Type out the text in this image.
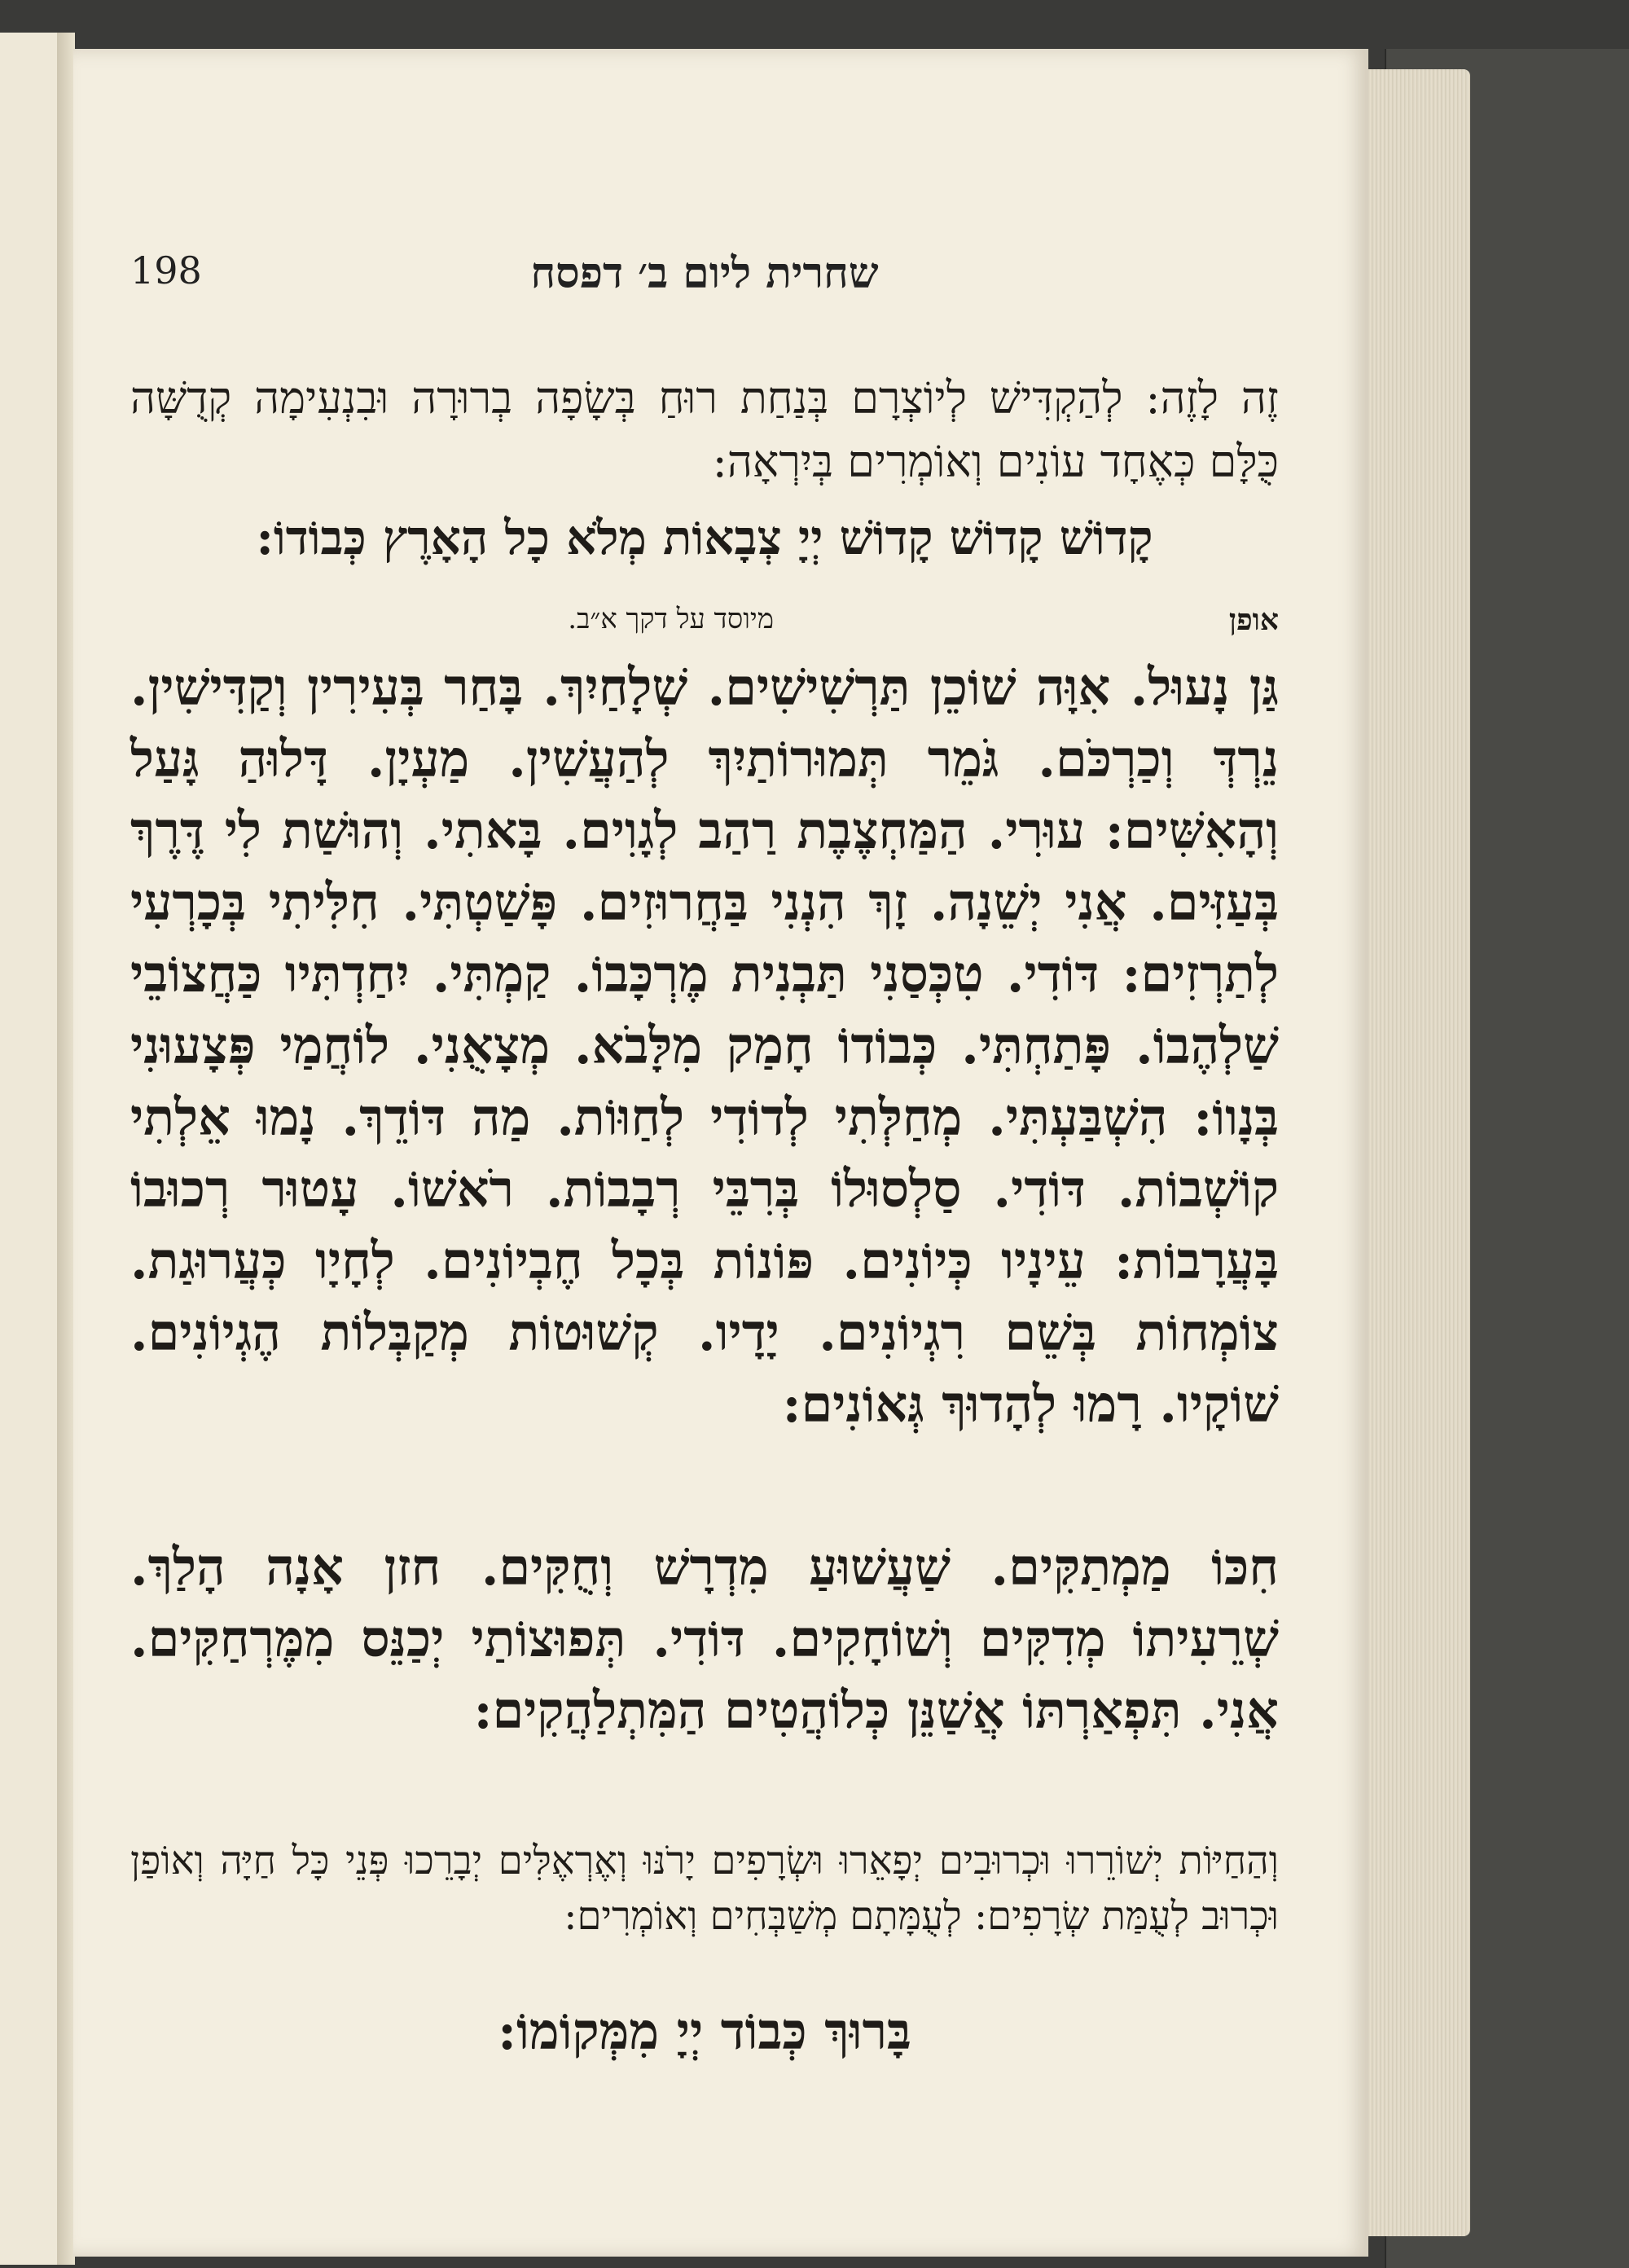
198	שחרית ליום ב׳ דפסח
זֶה לָזֶה: לְהַקְדִּישׁ לְיוֹצְרָם בְּנַחַת רוּחַ בְּשָׂפָה בְרוּרָה וּבִנְעִימָה קְדֻשָּׁה כֻּלָּם כְּאֶחָד עוֹנִים וְאוֹמְרִים בְּיִרְאָה:
קָדוֹשׁ קָדוֹשׁ קָדוֹשׁ יְיָ צְבָאוֹת מְלֹא כָל הָאָרֶץ כְּבוֹדוֹ:
אופן
מיוסד על דקך א״ב.
גַּן נָעוּל. אִוָּה שׁוֹכֵן תַּרְשִׁישִׁים. שְׁלָחַיִךְ. בָּחַר בְּעִירִין וְקַדִּישִׁין. נֵרְדְּ וְכַרְכֹּם. גֹּמֵר תְּמוּרוֹתַיִךְ לְהַעֲשִׁין. מַעְיָן. דָּלוּהַ גָּעַל וְהָאִשִּׁים: עוּרִי. הַמַּחְצֶבֶת רַהַב לְגָוִים. בָּאתִי. וְהוּשַׁת לִי דֶּרֶךְ בְּעַזִּים. אֲנִי יְשֵׁנָה. זָךְ הִנְנִי בַּחֲרוּזִים. פָּשַׁטְתִּי. חִלִּיתִי בְּכָרְעִי לְתַרְזִים: דּוֹדִי. טִכְּסַנִי תַּבְנִית מֶרְכָּבוֹ. קַמְתִּי. יִחַדְתִּיו כַּחֲצוֹבֵי שַׁלְהֶבוֹ. פָּתַחְתִּי. כְּבוֹדוֹ חָמַק מִלָּבֹא. מְצָאֻנִי. לוֹחֲמַי פְּצָעוּנִי בְּנָווֹ: הִשְׁבַּעְתִּי. מְחַלְּתִי לְדוֹדִי לְחַוּוֹת. מַה דּוֹדֵךְ. נָמוּ אֵלְתִי קוֹשְׁבוֹת. דּוֹדִי. סַלְסוּלוֹ בְּרִבֵּי רְבָבוֹת. רֹאשׁוֹ. עָטוּר רְכוּבוֹ בָּעֲרָבוֹת: עֵינָיו כְּיוֹנִים. פּוֹנוֹת בְּכָל חֶבְיוֹנִים. לְחָיָו כְּעֲרוּגַת. צוֹמְחוֹת בְּשֵׁם רִגְיוֹנִים. יָדָיו. קְשׁוּטוֹת מְקַבְּלוֹת הֶגְיוֹנִים. שׁוֹקָיו. רָמוּ לְהָדוּךְ גְּאוֹנִים:
חִכּוֹ מַמְתַקִּים. שַׁעֲשׁוּעַ מִדְרָשׁ וְחֻקִּים. חזן אָנָה הָלַךְ. שְׁרֵעִיתוֹ מְדִקִּים וְשׁוֹחָקִים. דּוֹדִי. תְּפוּצוֹתַי יְכַנֵּס מִמֶּרְחַקִּים. אֲנִי. תִּפְאַרְתּוֹ אֲשַׁנֵּן כְּלוֹהֲטִים הַמִּתְלַהֲקִים:
וְהַחַיּוֹת יְשׁוֹרֵרוּ וּכְרוּבִים יְפָאֵרוּ וּשְׂרָפִים יָרֹנּוּ וְאֶרְאֶלִּים יְבָרֵכוּ פְּנֵי כָּל חַיָּה וְאוֹפַן וּכְרוּב לְעֻמַּת שְׂרָפִים: לְעֻמָּתָם מְשַׁבְּחִים וְאוֹמְרִים:
בָּרוּךְ כְּבוֹד יְיָ מִמְּקוֹמוֹ:
